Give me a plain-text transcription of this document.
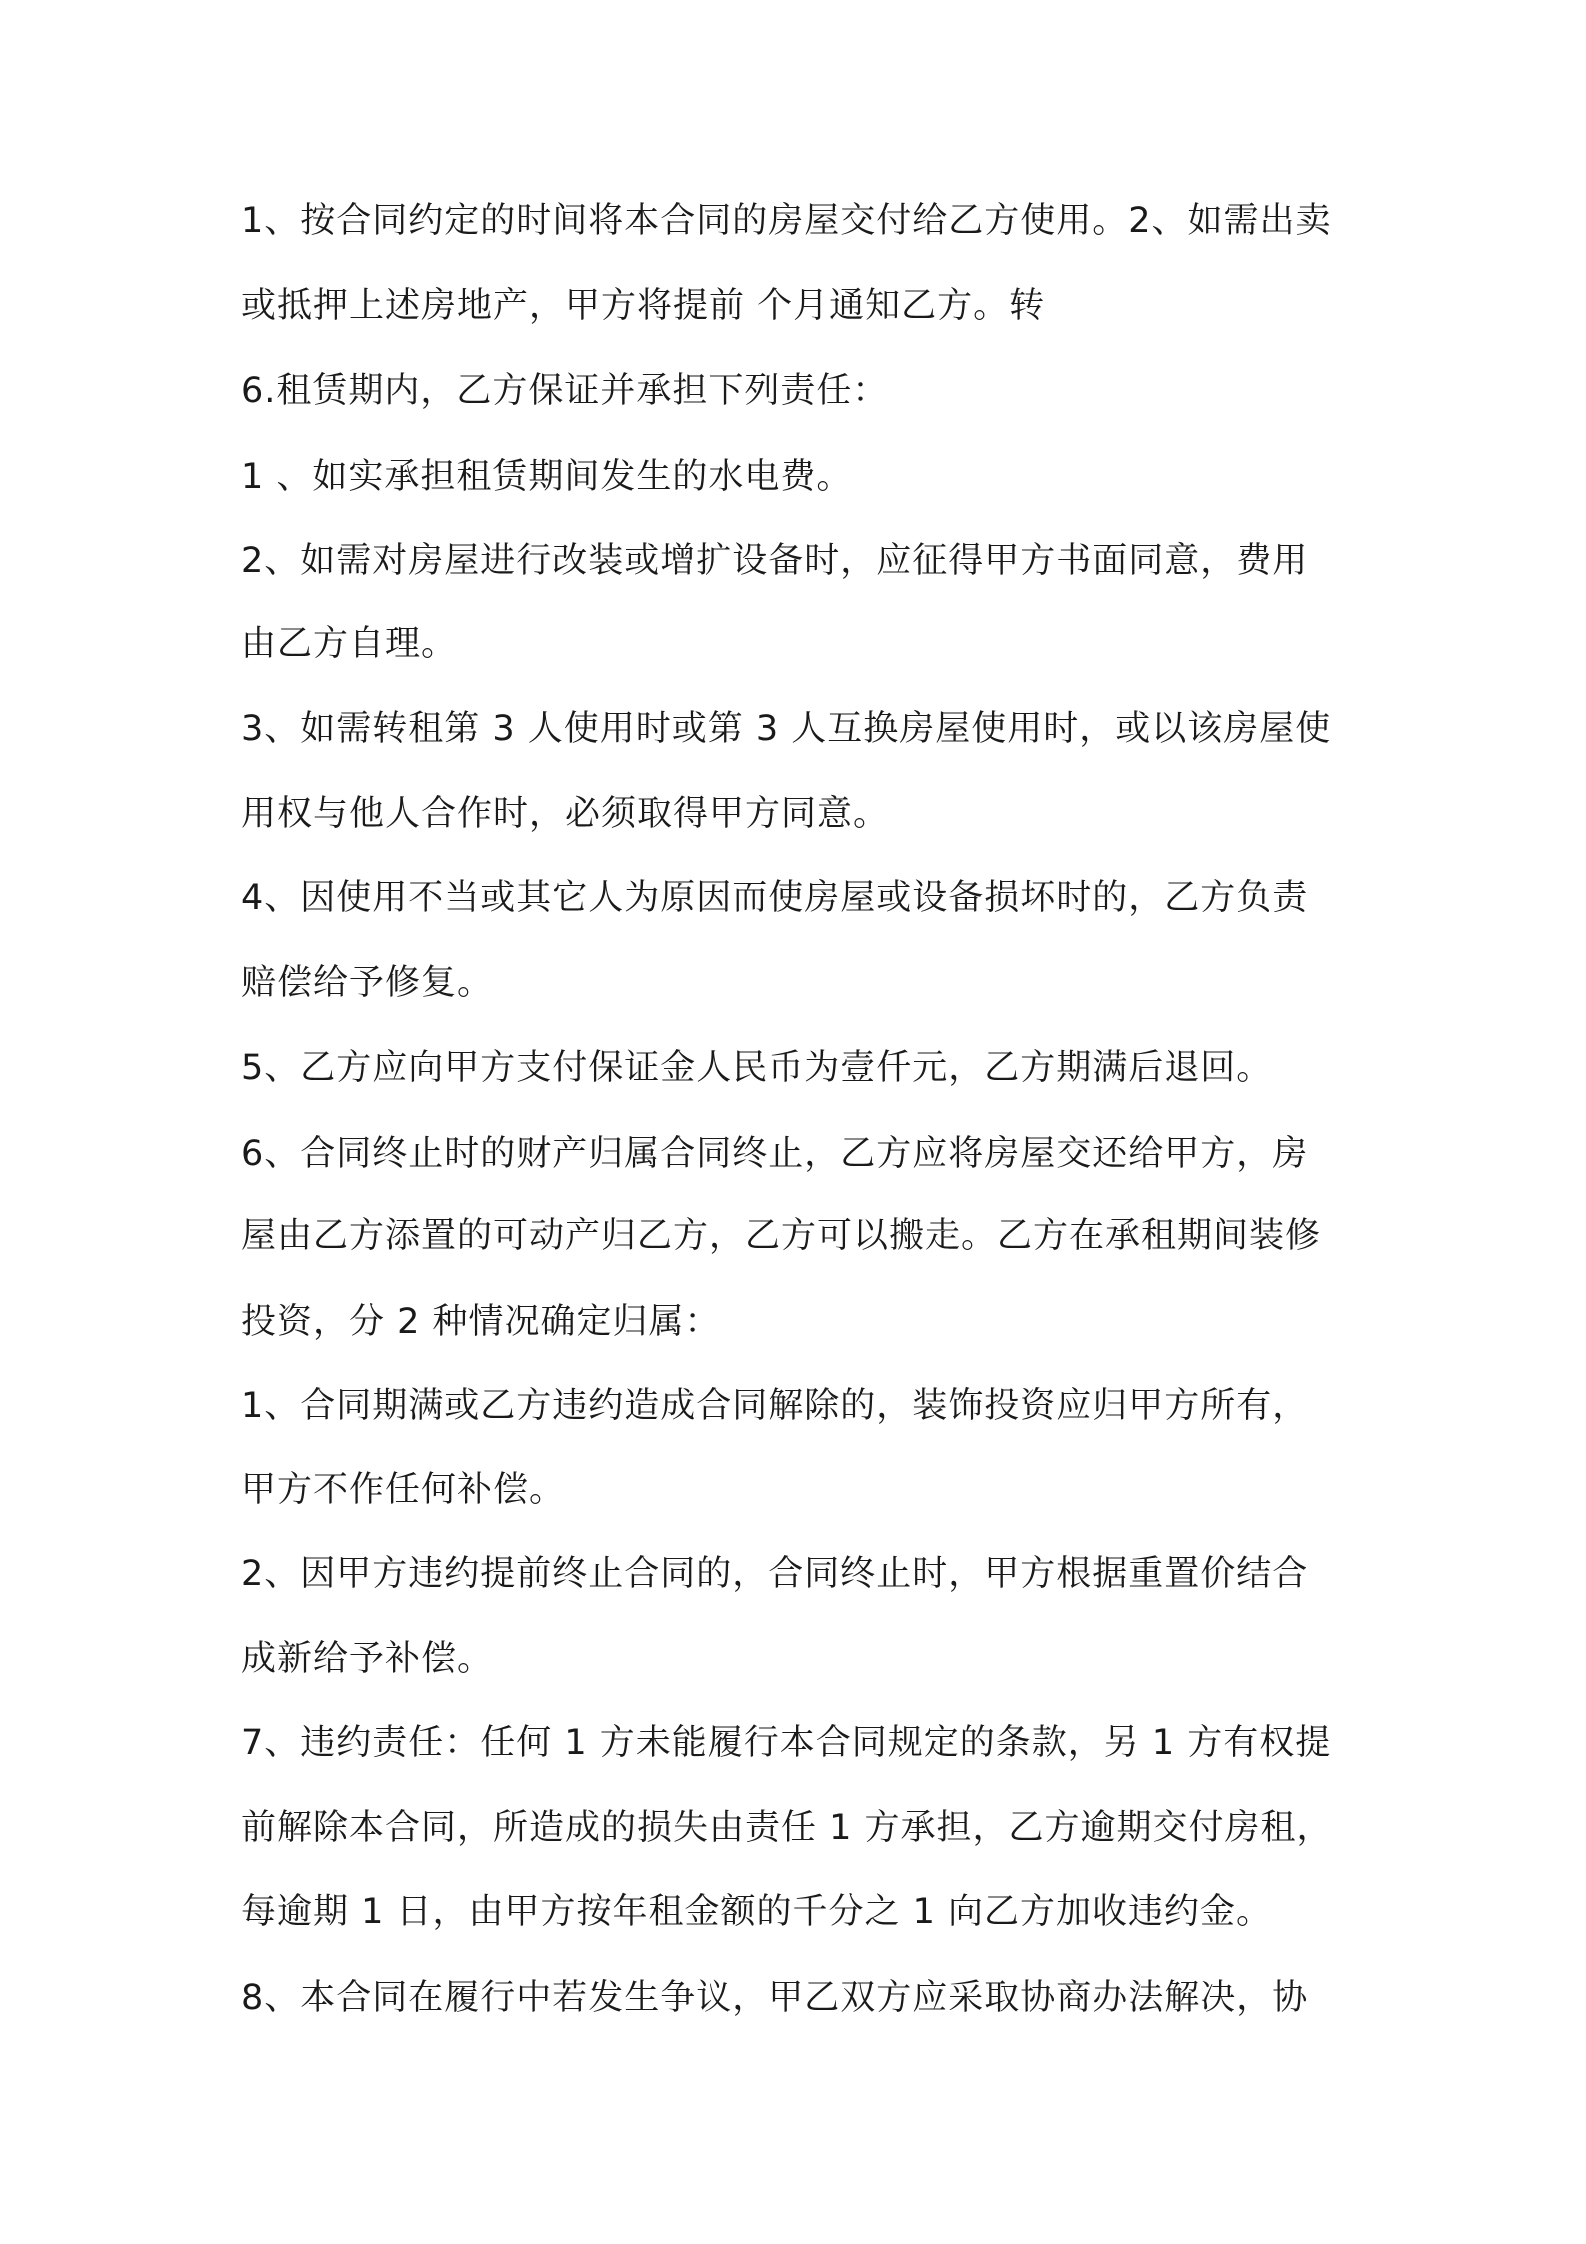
1、按合同约定的时间将本合同的房屋交付给乙方使用。2、如需出卖
或抵押上述房地产，甲方将提前 个月通知乙方。转
6.租赁期内，乙方保证并承担下列责任：
1 、如实承担租赁期间发生的水电费。
2、如需对房屋进行改装或增扩设备时，应征得甲方书面同意，费用
由乙方自理。
3、如需转租第 3 人使用时或第 3 人互换房屋使用时，或以该房屋使
用权与他人合作时，必须取得甲方同意。
4、因使用不当或其它人为原因而使房屋或设备损坏时的，乙方负责
赔偿给予修复。
5、乙方应向甲方支付保证金人民币为壹仟元，乙方期满后退回。
6、合同终止时的财产归属合同终止，乙方应将房屋交还给甲方，房
屋由乙方添置的可动产归乙方，乙方可以搬走。乙方在承租期间装修
投资，分 2 种情况确定归属：
1、合同期满或乙方违约造成合同解除的，装饰投资应归甲方所有，
甲方不作任何补偿。
2、因甲方违约提前终止合同的，合同终止时，甲方根据重置价结合
成新给予补偿。
7、违约责任：任何 1 方未能履行本合同规定的条款，另 1 方有权提
前解除本合同，所造成的损失由责任 1 方承担，乙方逾期交付房租，
每逾期 1 日，由甲方按年租金额的千分之 1 向乙方加收违约金。
8、本合同在履行中若发生争议，甲乙双方应采取协商办法解决，协
